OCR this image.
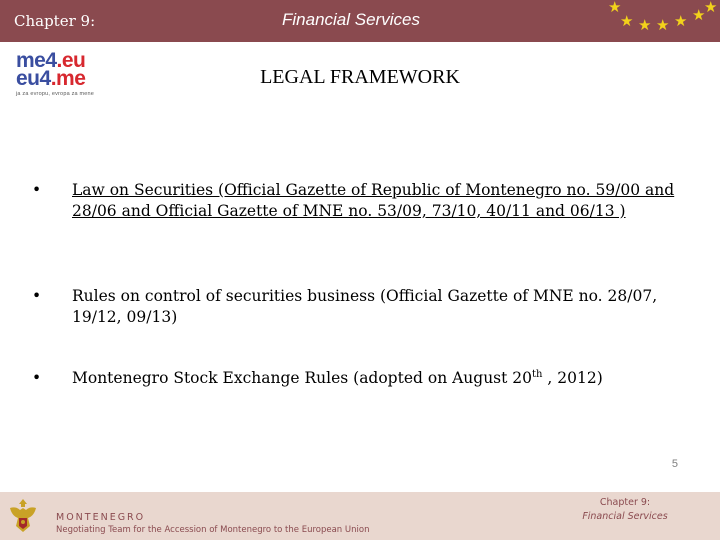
Chapter 9:	Financial Services
★
★ ★ ★ ★ ★
★
me4.eu
eu4.me
ja za evropu, evropa za mene
LEGAL FRAMEWORK
•	Law on Securities (Official Gazette of Republic of Montenegro no. 59/00 and 28/06 and Official Gazette of MNE no. 53/09, 73/10, 40/11 and 06/13 )
•	Rules on control of securities business (Official Gazette of MNE no. 28/07, 19/12, 09/13)
•	Montenegro Stock Exchange Rules (adopted on August 20th , 2012)
5
MONTENEGRO
Negotiating Team for the Accession of Montenegro to the European Union
Chapter 9:
Financial Services
